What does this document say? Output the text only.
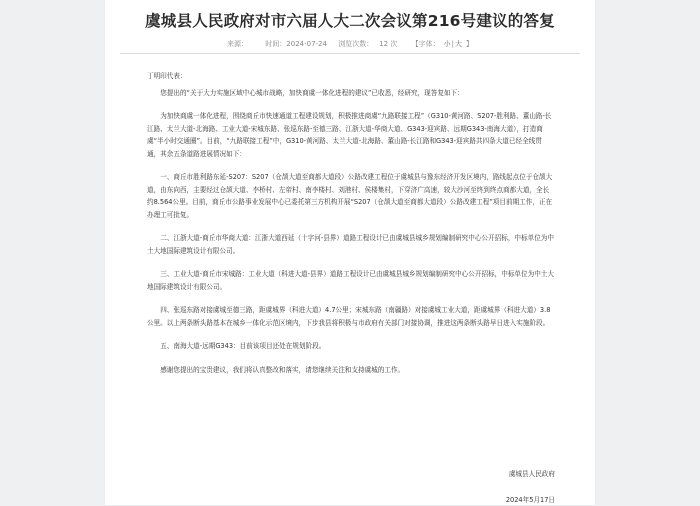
虞城县人民政府对市六届人大二次会议第216号建议的答复
来源： 时间：2024-07-24 浏览次数： 12 次 【字体： 小|大 】

丁明印代表：

您提出的“关于大力实施区域中心城市战略，加快商虞一体化进程的建议”已收悉，经研究，现答复如下：

为加快商虞一体化进程，围绕商丘市快速通道工程建设规划，积极推进商虞“九路联接工程”（G310-黄河路、S207-胜利路、董山路-长江路、太兰大道-北海路、工业大道-宋城东路、张巡东路-至德三路、江浙大道-华商大道、G343-迎宾路、远期G343-南海大道），打造商虞“半小时交通圈”。目前，“九路联接工程”中，G310-黄河路、太兰大道-北海路、董山路-长江路和G343-迎宾路共四条大道已经全线贯通，其余五条道路进展情况如下：

一、商丘市胜利路东延-S207：S207（仓颉大道至商都大道段）公路改建工程位于虞城县与豫东经济开发区境内，路线起点位于仓颉大道，由东向西，主要经过仓颉大道、李桥村、左帝村、南李楼村、刘港村、侯楼集村，下穿济广高速，较大沙河至终到终点商都大道，全长约8.564公里。目前，商丘市公路事业发展中心已委托第三方机构开展“S207（仓颉大道至商都大道段）公路改建工程”项目前期工作，正在办理工可批复。

二、江浙大道-商丘市华商大道：江浙大道西延（十字河-县界）道路工程设计已由虞城县城乡规划编制研究中心公开招标，中标单位为中土大地国际建筑设计有限公司。

三、工业大道-商丘市宋城路：工业大道（科进大道-县界）道路工程设计已由虞城县城乡规划编制研究中心公开招标，中标单位为中土大地国际建筑设计有限公司。

四、张巡东路对接虞城至德三路，距虞城界（科进大道）4.7公里；宋城东路（南疆路）对接虞城工业大道，距虞城界（科进大道）3.8公里。以上两条断头路基本在城乡一体化示范区境内，下步我县将积极与市政府有关部门对接协调，推进这两条断头路早日进入实施阶段。

五、南海大道-远期G343：目前该项目还处在规划阶段。

感谢您提出的宝贵建议，我们将认真整改和落实，请您继续关注和支持虞城的工作。

虞城县人民政府
2024年5月17日
